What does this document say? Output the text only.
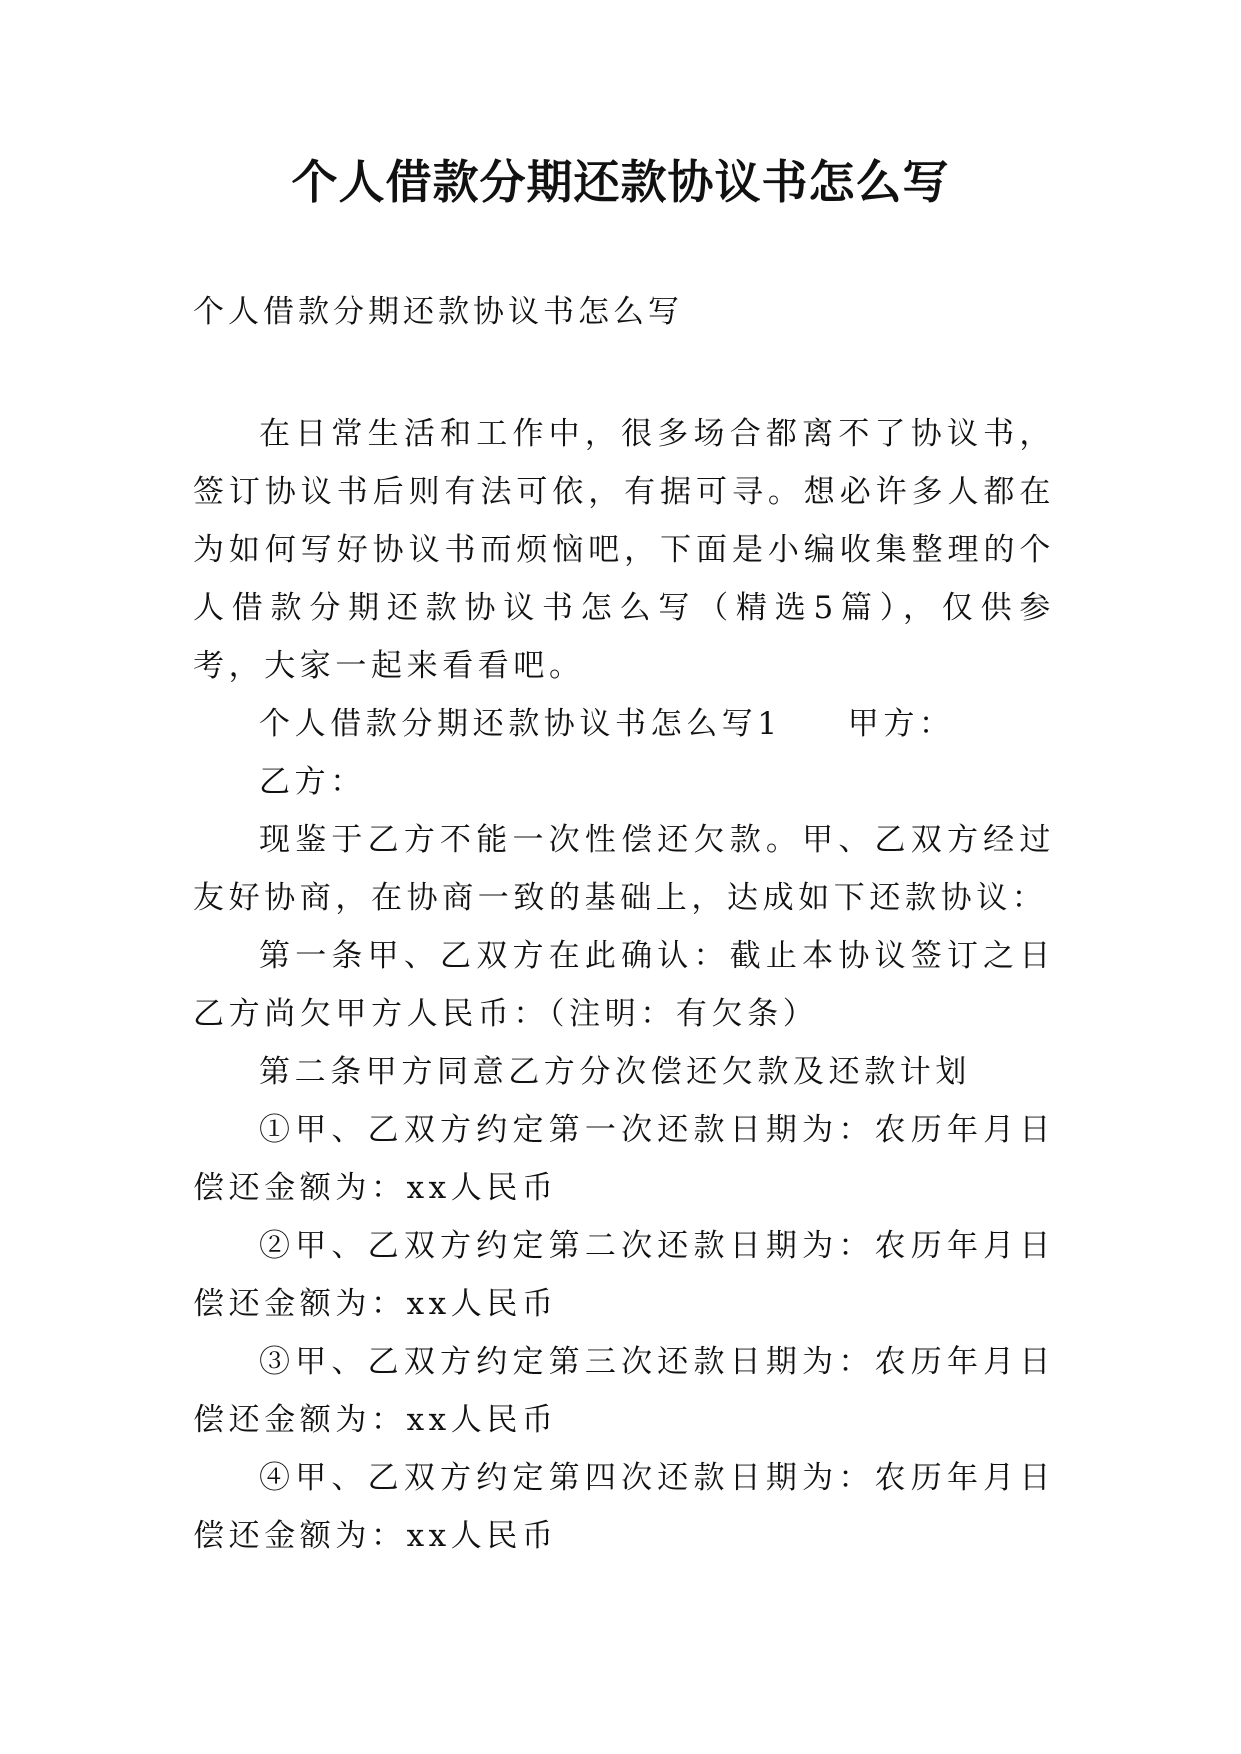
个人借款分期还款协议书怎么写

个人借款分期还款协议书怎么写

在日常生活和工作中，很多场合都离不了协议书，签订协议书后则有法可依，有据可寻。想必许多人都在为如何写好协议书而烦恼吧，下面是小编收集整理的个人借款分期还款协议书怎么写（精选5篇），仅供参考，大家一起来看看吧。

个人借款分期还款协议书怎么写1 甲方：

乙方：

现鉴于乙方不能一次性偿还欠款。甲、乙双方经过友好协商，在协商一致的基础上，达成如下还款协议：

第一条甲、乙双方在此确认：截止本协议签订之日乙方尚欠甲方人民币：（注明：有欠条）

第二条甲方同意乙方分次偿还欠款及还款计划

①甲、乙双方约定第一次还款日期为：农历年月日偿还金额为：xx人民币

②甲、乙双方约定第二次还款日期为：农历年月日偿还金额为：xx人民币

③甲、乙双方约定第三次还款日期为：农历年月日偿还金额为：xx人民币

④甲、乙双方约定第四次还款日期为：农历年月日偿还金额为：xx人民币
